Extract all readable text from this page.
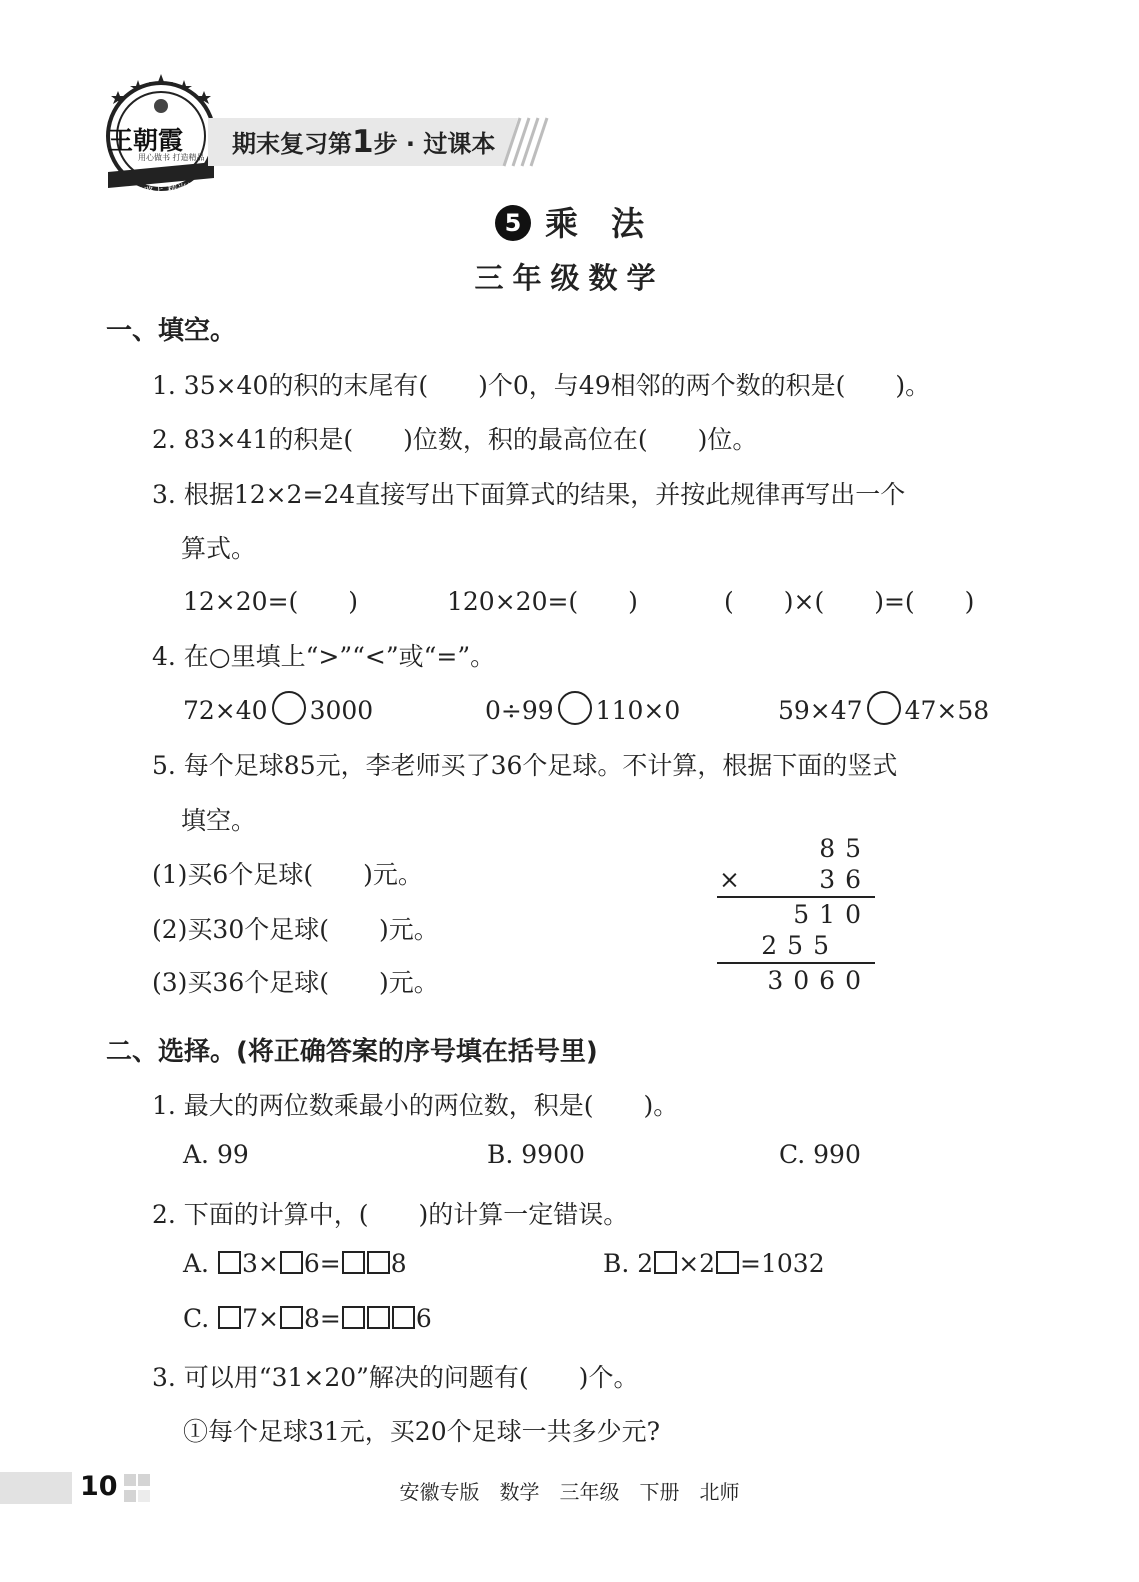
王朝霞
用心做书 打造精品
成长路上 精光满天
期末复习第1步 · 过课本
5 乘　法
三年级数学
一、填空。
1. 35×40的积的末尾有(　　)个0，与49相邻的两个数的积是(　　)。
2. 83×41的积是(　　)位数，积的最高位在(　　)位。
3. 根据12×2=24直接写出下面算式的结果，并按此规律再写出一个
算式。
12×20=(　　)	120×20=(　　)	(　　)×(　　)=(　　)
4. 在○里填上“>”“<”或“=”。
72×40 3000	0÷99 110×0	59×47 47×58
5. 每个足球85元，李老师买了36个足球。不计算，根据下面的竖式
填空。
(1)买6个足球(　　)元。
(2)买30个足球(　　)元。
(3)买36个足球(　　)元。
85
×	36
510
255
3060
二、选择。(将正确答案的序号填在括号里)
1. 最大的两位数乘最小的两位数，积是(　　)。
A. 99	B. 9900	C. 990
2. 下面的计算中，(　　)的计算一定错误。
A. 3× 6= 8	B. 2 ×2 =1032
C. 7× 8=	6
3. 可以用“31×20”解决的问题有(　　)个。
①每个足球31元，买20个足球一共多少元?
10	安徽专版　数学　三年级　下册　北师
